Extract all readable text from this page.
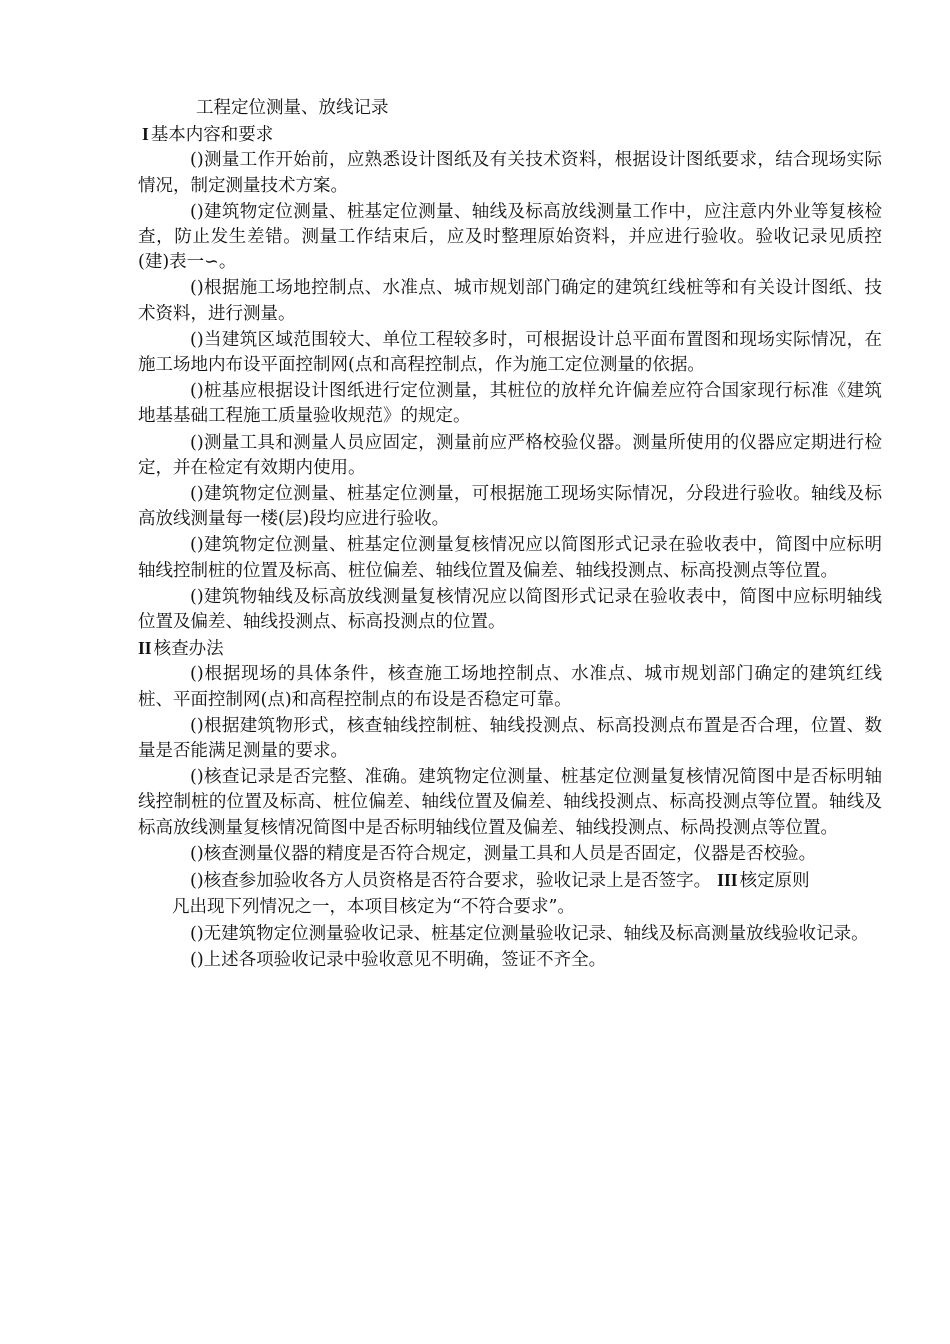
工程定位测量、放线记录
I 基本内容和要求

()测量工作开始前，应熟悉设计图纸及有关技术资料，根据设计图纸要求，结合现场实际情况，制定测量技术方案。

()建筑物定位测量、桩基定位测量、轴线及标高放线测量工作中，应注意内外业等复核检查，防止发生差错。测量工作结束后，应及时整理原始资料，并应进行验收。验收记录见质控(建)表一∽。

()根据施工场地控制点、水准点、城市规划部门确定的建筑红线桩等和有关设计图纸、技术资料，进行测量。

()当建筑区域范围较大、单位工程较多时，可根据设计总平面布置图和现场实际情况，在施工场地内布设平面控制网(点和高程控制点，作为施工定位测量的依据。

()桩基应根据设计图纸进行定位测量，其桩位的放样允许偏差应符合国家现行标准《建筑地基基础工程施工质量验收规范》的规定。

()测量工具和测量人员应固定，测量前应严格校验仪器。测量所使用的仪器应定期进行检定，并在检定有效期内使用。

()建筑物定位测量、桩基定位测量，可根据施工现场实际情况，分段进行验收。轴线及标高放线测量每一楼(层)段均应进行验收。

()建筑物定位测量、桩基定位测量复核情况应以简图形式记录在验收表中，简图中应标明轴线控制桩的位置及标高、桩位偏差、轴线位置及偏差、轴线投测点、标高投测点等位置。

()建筑物轴线及标高放线测量复核情况应以简图形式记录在验收表中，简图中应标明轴线位置及偏差、轴线投测点、标高投测点的位置。

II 核查办法

()根据现场的具体条件，核查施工场地控制点、水准点、城市规划部门确定的建筑红线桩、平面控制网(点)和高程控制点的布设是否稳定可靠。

()根据建筑物形式，核查轴线控制桩、轴线投测点、标高投测点布置是否合理，位置、数量是否能满足测量的要求。

()核查记录是否完整、准确。建筑物定位测量、桩基定位测量复核情况简图中是否标明轴线控制桩的位置及标高、桩位偏差、轴线位置及偏差、轴线投测点、标高投测点等位置。轴线及标高放线测量复核情况简图中是否标明轴线位置及偏差、轴线投测点、标咼投测点等位置。

()核查测量仪器的精度是否符合规定，测量工具和人员是否固定，仪器是否校验。

()核查参加验收各方人员资格是否符合要求，验收记录上是否签字。 III 核定原则

凡出现下列情况之一，本项目核定为“不符合要求”。

()无建筑物定位测量验收记录、桩基定位测量验收记录、轴线及标高测量放线验收记录。

()上述各项验收记录中验收意见不明确，签证不齐全。
